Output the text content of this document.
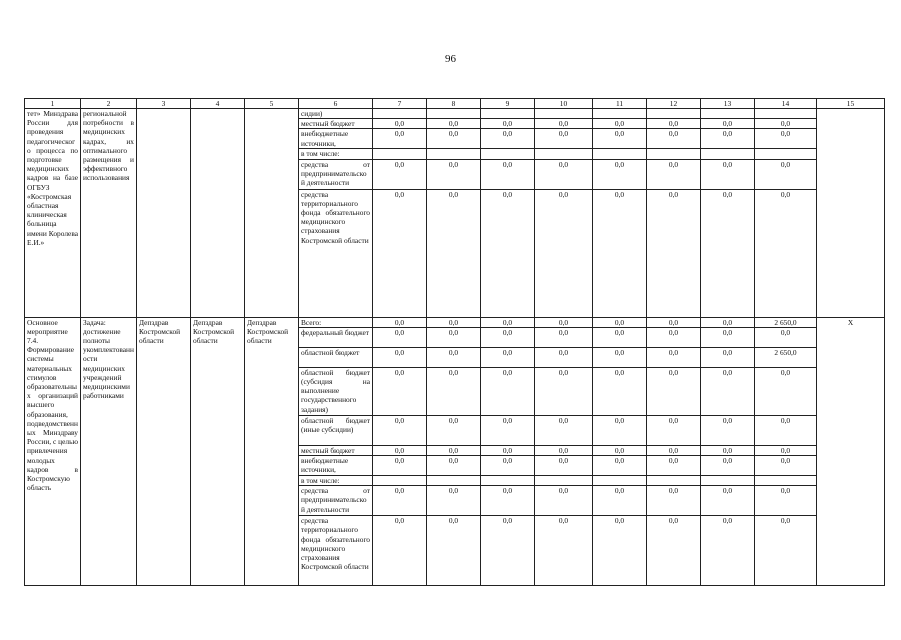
96
1	2	3	4	5	6	7	8	9	10	11	12	13	14	15
тет» Минздрава России для проведения педагогического процесса по подготовке медицинских кадров на базе ОГБУЗ «Костромская областная клиническая больница имени Королева Е.И.»	региональной потребности в медицинских кадрах, их оптимального размещения и эффективного использования				сидии)									
					местный бюджет	0,0	0,0	0,0	0,0	0,0	0,0	0,0	0,0	
					внебюджетные источники,	0,0	0,0	0,0	0,0	0,0	0,0	0,0	0,0	
					в том числе:									
					средства от предпринимательской деятельности	0,0	0,0	0,0	0,0	0,0	0,0	0,0	0,0	
					средства территориального фонда обязательного медицинского страхования Костромской области	0,0	0,0	0,0	0,0	0,0	0,0	0,0	0,0	
Основное мероприятие 7.4. Формирование системы материальных стимулов образовательных организаций высшего образования, подведомственных Минздраву России, с целью привлечения молодых кадров в Костромскую область	Задача: достижение полноты укомплектованности медицинских учреждений медицинскими работниками	Депздрав Костромской области	Депздрав Костромской области	Депздрав Костромской области	Всего:	0,0	0,0	0,0	0,0	0,0	0,0	0,0	2 650,0	Х
					федеральный бюджет	0,0	0,0	0,0	0,0	0,0	0,0	0,0	0,0	
					областной бюджет	0,0	0,0	0,0	0,0	0,0	0,0	0,0	2 650,0	
					областной бюджет (субсидия на выполнение государственного задания)	0,0	0,0	0,0	0,0	0,0	0,0	0,0	0,0	
					областной бюджет (иные субсидии)	0,0	0,0	0,0	0,0	0,0	0,0	0,0	0,0	
					местный бюджет	0,0	0,0	0,0	0,0	0,0	0,0	0,0	0,0	
					внебюджетные источники,	0,0	0,0	0,0	0,0	0,0	0,0	0,0	0,0	
					в том числе:									
					средства от предпринимательской деятельности	0,0	0,0	0,0	0,0	0,0	0,0	0,0	0,0	
					средства территориального фонда обязательного медицинского страхования Костромской области	0,0	0,0	0,0	0,0	0,0	0,0	0,0	0,0	
